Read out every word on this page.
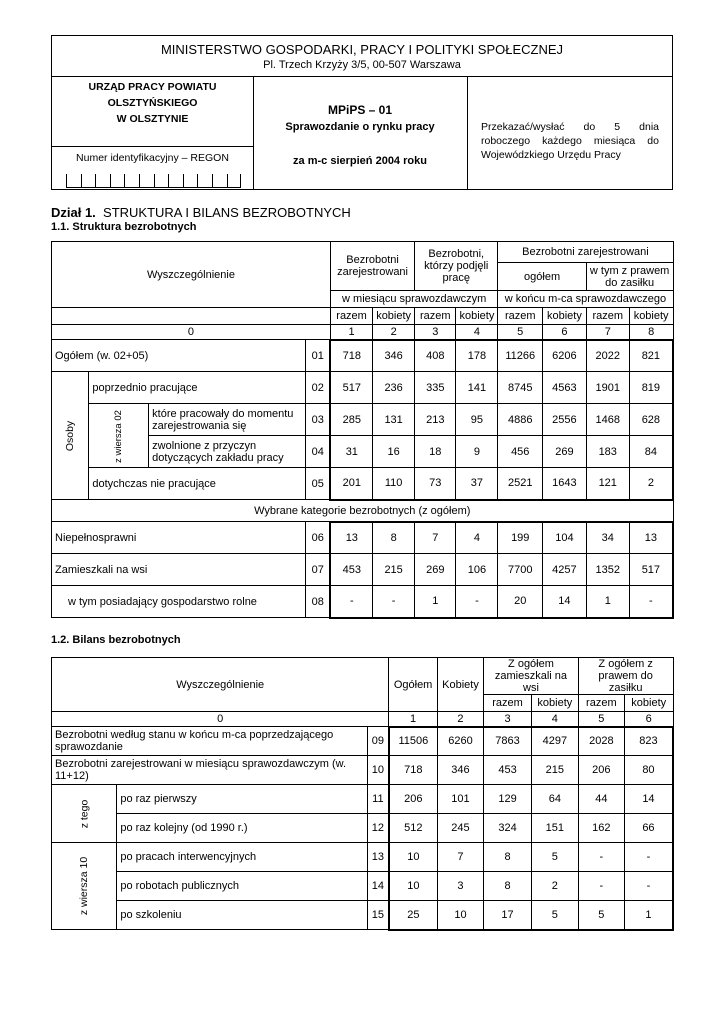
MINISTERSTWO GOSPODARKI, PRACY I POLITYKI SPOŁECZNEJ
Pl. Trzech Krzyży 3/5, 00-507 Warszawa
URZĄD PRACY POWIATU
OLSZTYŃSKIEGO
W OLSZTYNIE
Numer identyfikacyjny – REGON
MPiPS – 01
Sprawozdanie o rynku pracy
za m-c sierpień 2004 roku
Przekazać/wysłać do 5 dnia roboczego każdego miesiąca do Wojewódzkiego Urzędu Pracy
Dział 1. STRUKTURA I BILANS BEZROBOTNYCH
1.1. Struktura bezrobotnych
Wyszczególnienie				Bezrobotni zarejestrowani		Bezrobotni, którzy podjęli pracę		Bezrobotni zarejestrowani			
								ogółem		w tym z prawem do zasiłku	
				w miesiącu sprawozdawczym				w końcu m-ca sprawozdawczego			
				razem	kobiety	razem	kobiety	razem	kobiety	razem	kobiety
0				1	2	3	4	5	6	7	8
Ogółem (w. 02+05)			01	718	346	408	178	11266	6206	2022	821
Osoby	poprzednio pracujące		02	517	236	335	141	8745	4563	1901	819
	z wiersza 02	które pracowały do momentu zarejestrowania się	03	285	131	213	95	4886	2556	1468	628
		zwolnione z przyczyn dotyczących zakładu pracy	04	31	16	18	9	456	269	183	84
	dotychczas nie pracujące		05	201	110	73	37	2521	1643	121	2
Wybrane kategorie bezrobotnych (z ogółem)											
Niepełnosprawni			06	13	8	7	4	199	104	34	13
Zamieszkali na wsi			07	453	215	269	106	7700	4257	1352	517
w tym posiadający gospodarstwo rolne			08	-	-	1	-	20	14	1	-
1.2. Bilans bezrobotnych
Wyszczególnienie			Ogółem	Kobiety	Z ogółem zamieszkali na wsi		Z ogółem z prawem do zasiłku	
					razem	kobiety	razem	kobiety
0			1	2	3	4	5	6
Bezrobotni według stanu w końcu m-ca poprzedzającego sprawozdanie		09	11506	6260	7863	4297	2028	823
Bezrobotni zarejestrowani w miesiącu sprawozdawczym (w. 11+12)		10	718	346	453	215	206	80
z tego	po raz pierwszy	11	206	101	129	64	44	14
	po raz kolejny (od 1990 r.)	12	512	245	324	151	162	66
z wiersza 10	po pracach interwencyjnych	13	10	7	8	5	-	-
	po robotach publicznych	14	10	3	8	2	-	-
	po szkoleniu	15	25	10	17	5	5	1
